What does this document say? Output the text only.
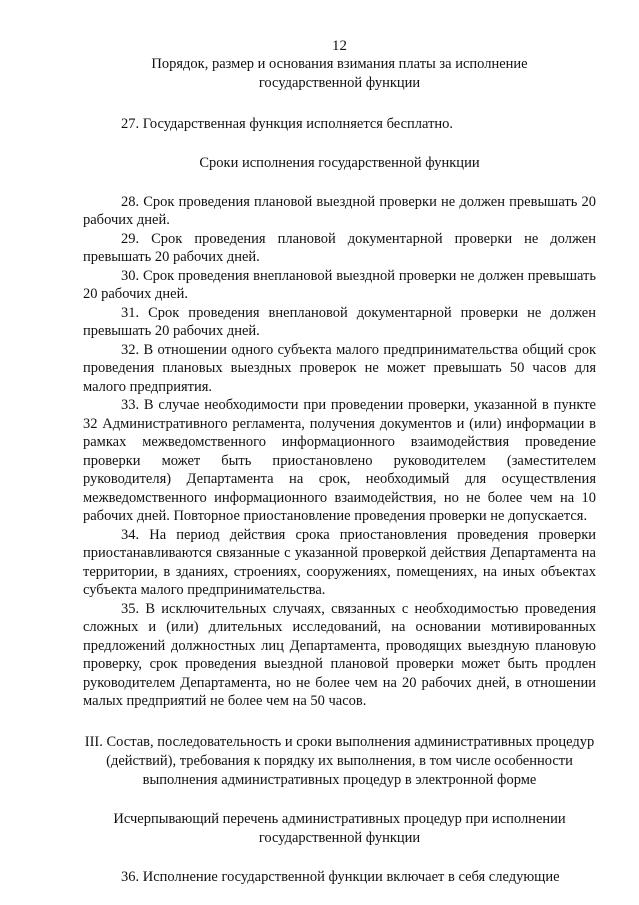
12
Порядок, размер и основания взимания платы за исполнение государственной функции

27. Государственная функция исполняется бесплатно.

Сроки исполнения государственной функции

28. Срок проведения плановой выездной проверки не должен превышать 20 рабочих дней.

29. Срок проведения плановой документарной проверки не должен превышать 20 рабочих дней.

30. Срок проведения внеплановой выездной проверки не должен превышать 20 рабочих дней.

31. Срок проведения внеплановой документарной проверки не должен превышать 20 рабочих дней.

32. В отношении одного субъекта малого предпринимательства общий срок проведения плановых выездных проверок не может превышать 50 часов для малого предприятия.

33. В случае необходимости при проведении проверки, указанной в пункте 32 Административного регламента, получения документов и (или) информации в рамках межведомственного информационного взаимодействия проведение проверки может быть приостановлено руководителем (заместителем руководителя) Департамента на срок, необходимый для осуществления межведомственного информационного взаимодействия, но не более чем на 10 рабочих дней. Повторное приостановление проведения проверки не допускается.

34. На период действия срока приостановления проведения проверки приостанавливаются связанные с указанной проверкой действия Департамента на территории, в зданиях, строениях, сооружениях, помещениях, на иных объектах субъекта малого предпринимательства.

35. В исключительных случаях, связанных с необходимостью проведения сложных и (или) длительных исследований, на основании мотивированных предложений должностных лиц Департамента, проводящих выездную плановую проверку, срок проведения выездной плановой проверки может быть продлен руководителем Департамента, но не более чем на 20 рабочих дней, в отношении малых предприятий не более чем на 50 часов.

III. Состав, последовательность и сроки выполнения административных процедур (действий), требования к порядку их выполнения, в том числе особенности выполнения административных процедур в электронной форме
Исчерпывающий перечень административных процедур при исполнении государственной функции

36. Исполнение государственной функции включает в себя следующие
